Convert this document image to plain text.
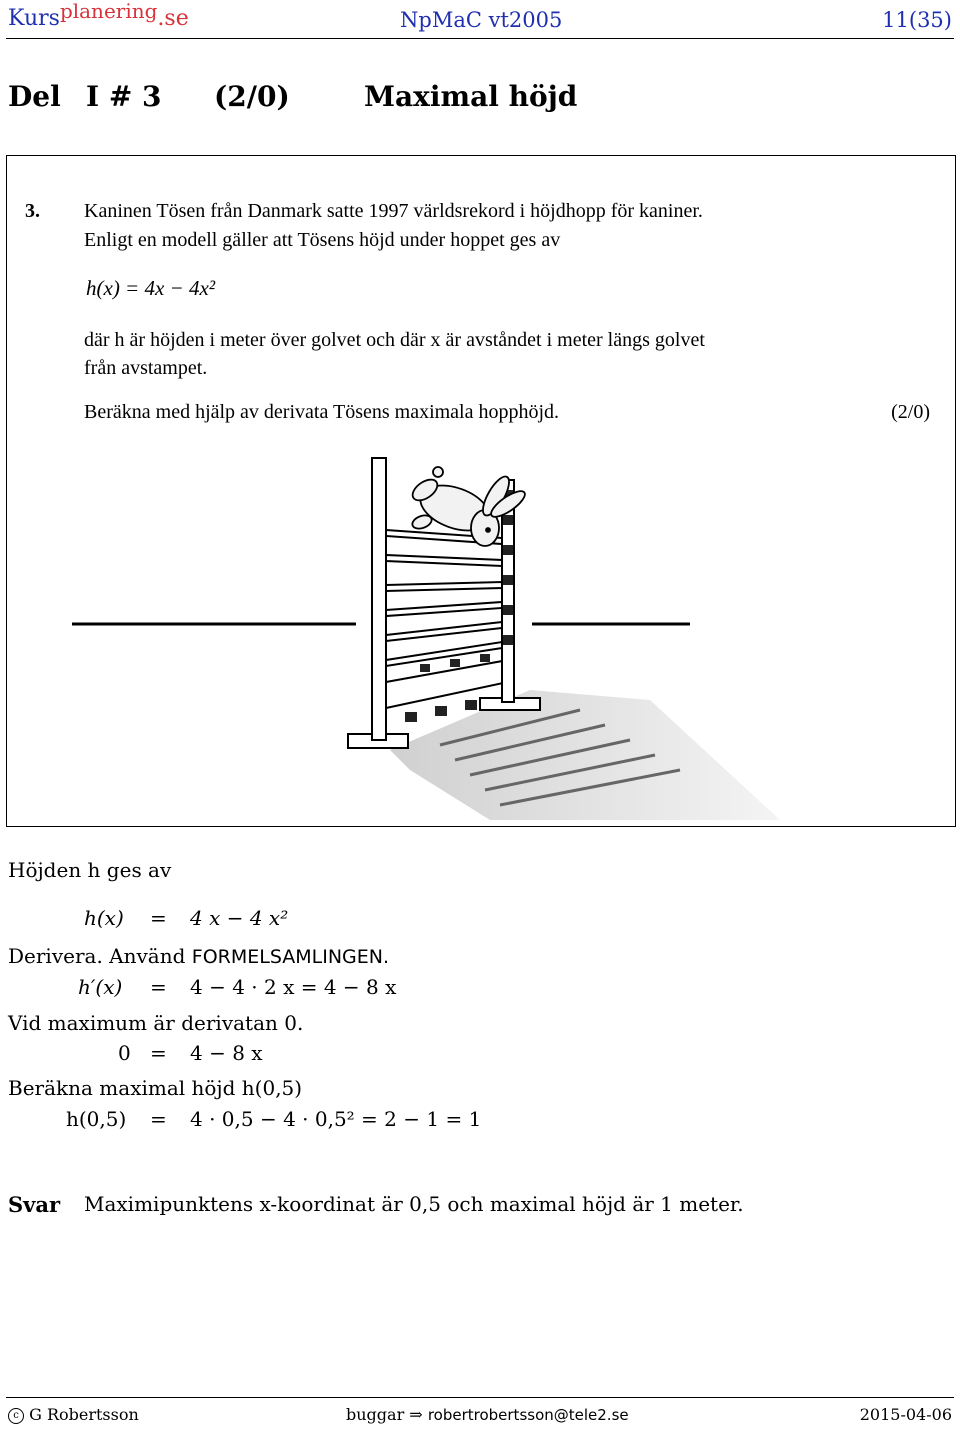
Kursplanering.se	NpMaC vt2005	11(35)
Del I # 3 (2/0)	Maximal höjd
3. Kaninen Tösen från Danmark satte 1997 världsrekord i höjdhopp för kaniner.
Enligt en modell gäller att Tösens höjd under hoppet ges av
h(x) = 4x − 4x²
där h är höjden i meter över golvet och där x är avståndet i meter längs golvet
från avstampet.
Beräkna med hjälp av derivata Tösens maximala hopphöjd.	(2/0)
Höjden h ges av
h(x) = 4 x − 4 x²
Derivera. Använd FORMELSAMLINGEN.
h′(x) = 4 − 4 · 2 x = 4 − 8 x
Vid maximum är derivatan 0.
0 = 4 − 8 x
Beräkna maximal höjd h(0,5)
h(0,5) = 4 · 0,5 − 4 · 0,5² = 2 − 1 = 1
Svar Maximipunktens x-koordinat är 0,5 och maximal höjd är 1 meter.
c G Robertsson	buggar ⇒ robertrobertsson@tele2.se	2015-04-06
